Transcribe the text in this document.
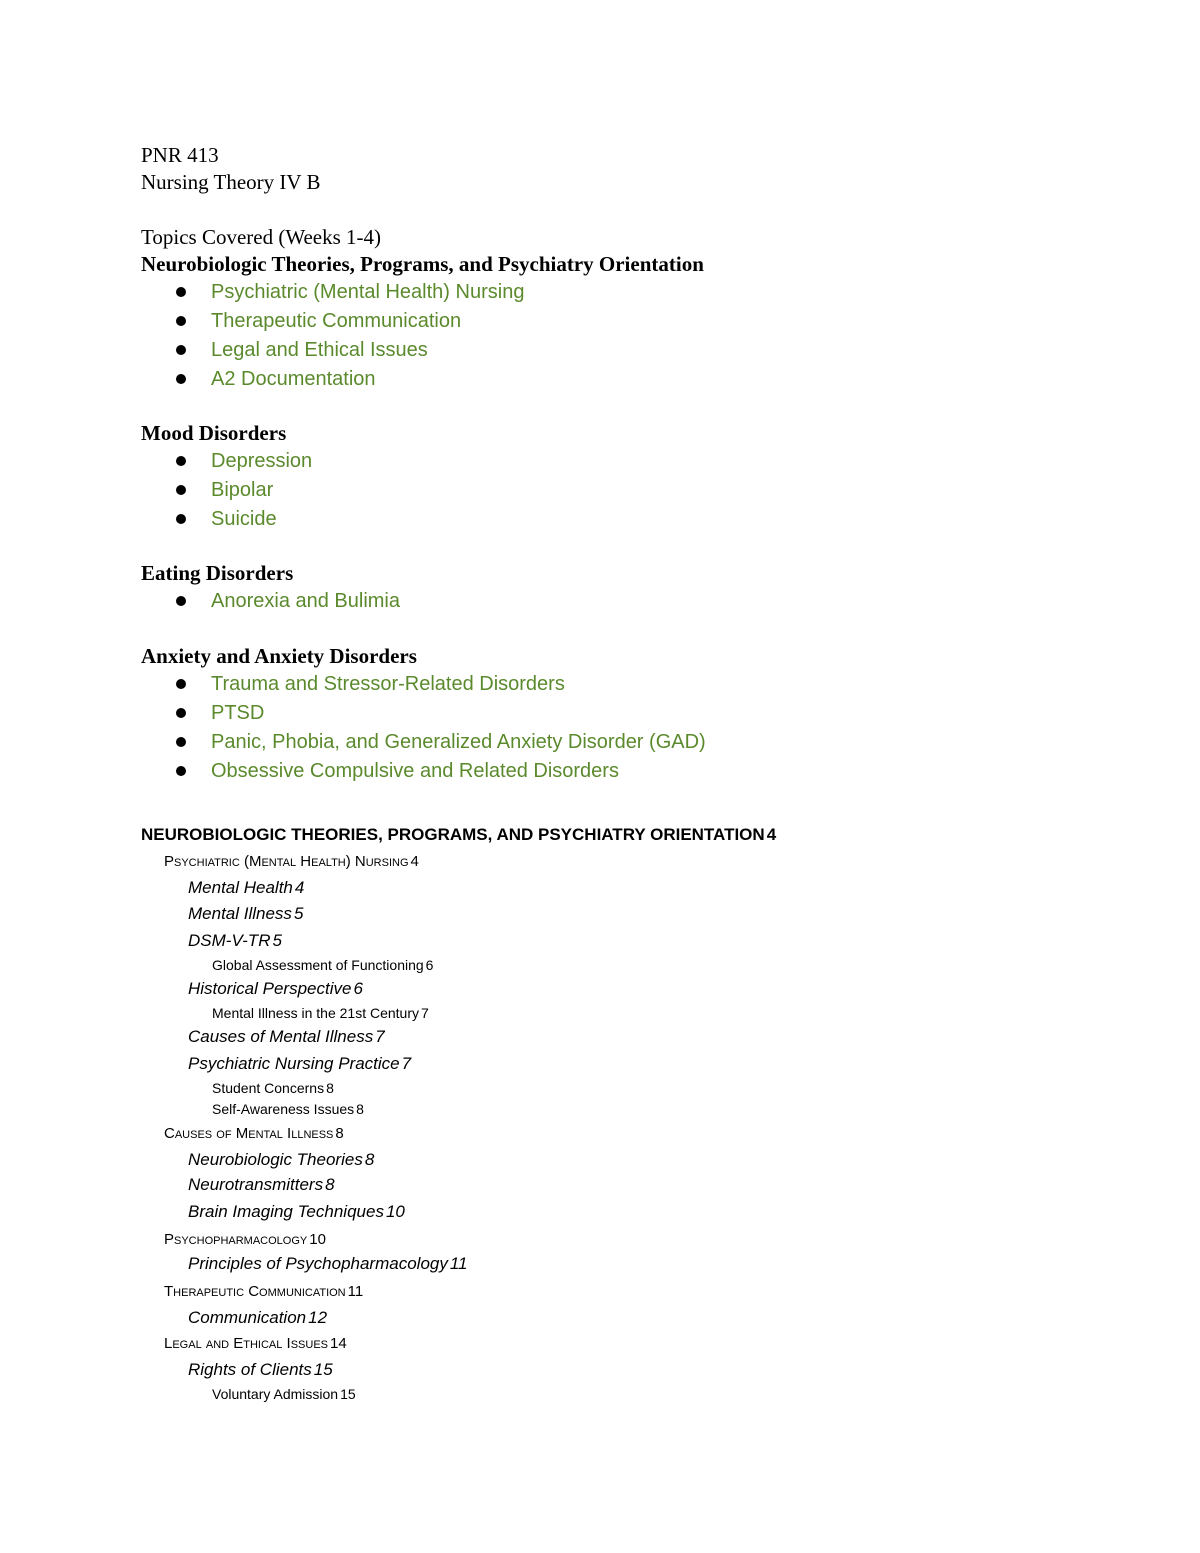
PNR 413
Nursing Theory IV B
Topics Covered (Weeks 1-4)
Neurobiologic Theories, Programs, and Psychiatry Orientation
Psychiatric (Mental Health) Nursing
Therapeutic Communication
Legal and Ethical Issues
A2 Documentation
Mood Disorders
Depression
Bipolar
Suicide
Eating Disorders
Anorexia and Bulimia
Anxiety and Anxiety Disorders
Trauma and Stressor-Related Disorders
PTSD
Panic, Phobia, and Generalized Anxiety Disorder (GAD)
Obsessive Compulsive and Related Disorders
NEUROBIOLOGIC THEORIES, PROGRAMS, AND PSYCHIATRY ORIENTATION 4
Psychiatric (Mental Health) Nursing 4
Mental Health 4
Mental Illness 5
DSM-V-TR 5
Global Assessment of Functioning 6
Historical Perspective 6
Mental Illness in the 21st Century 7
Causes of Mental Illness 7
Psychiatric Nursing Practice 7
Student Concerns 8
Self-Awareness Issues 8
Causes of Mental Illness 8
Neurobiologic Theories 8
Neurotransmitters 8
Brain Imaging Techniques 10
Psychopharmacology 10
Principles of Psychopharmacology 11
Therapeutic Communication 11
Communication 12
Legal and Ethical Issues 14
Rights of Clients 15
Voluntary Admission 15
